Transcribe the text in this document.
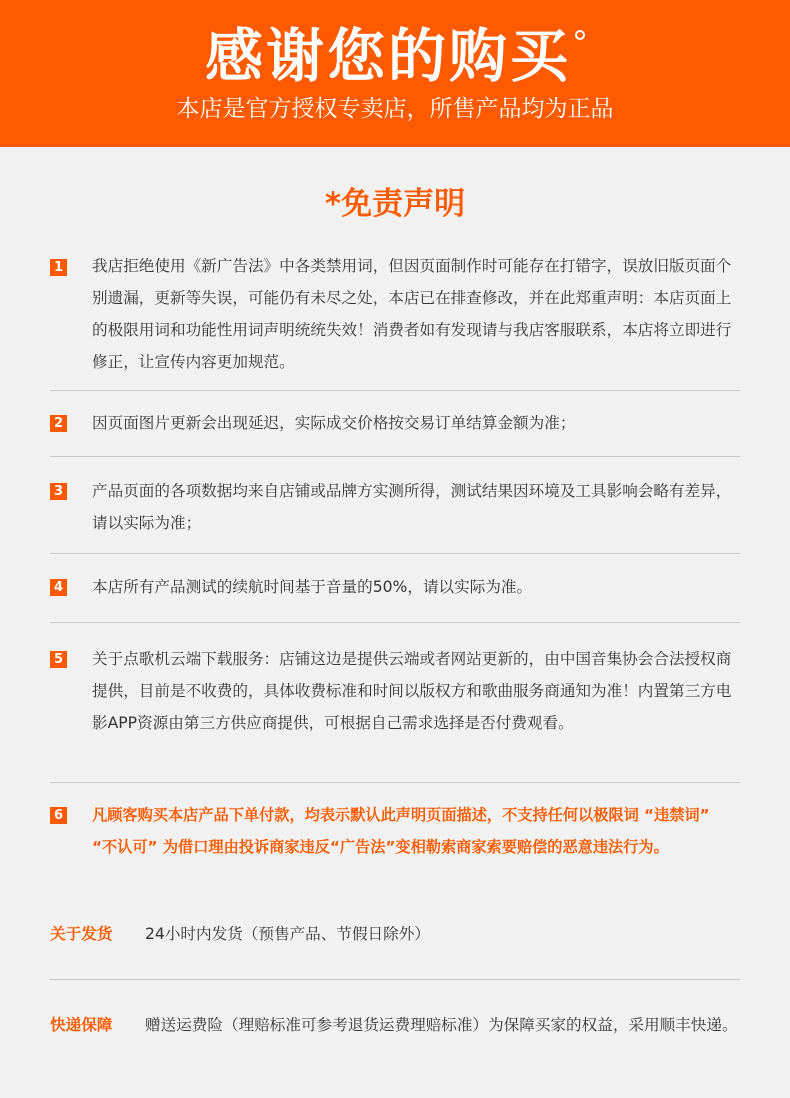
感谢您的购买
本店是官方授权专卖店，所售产品均为正品
*免责声明
1 我店拒绝使用《新广告法》中各类禁用词，但因页面制作时可能存在打错字，误放旧版页面个别遗漏，更新等失误，可能仍有未尽之处，本店已在排查修改，并在此郑重声明：本店页面上的极限用词和功能性用词声明统统失效！消费者如有发现请与我店客服联系，本店将立即进行修正，让宣传内容更加规范。
2 因页面图片更新会出现延迟，实际成交价格按交易订单结算金额为准；
3 产品页面的各项数据均来自店铺或品牌方实测所得，测试结果因环境及工具影响会略有差异，请以实际为准；
4 本店所有产品测试的续航时间基于音量的50%，请以实际为准。
5 关于点歌机云端下载服务：店铺这边是提供云端或者网站更新的，由中国音集协会合法授权商提供，目前是不收费的，具体收费标准和时间以版权方和歌曲服务商通知为准！内置第三方电影APP资源由第三方供应商提供，可根据自己需求选择是否付费观看。
6 凡顾客购买本店产品下单付款，均表示默认此声明页面描述，不支持任何以极限词 “违禁词” “不认可” 为借口理由投诉商家违反“广告法”变相勒索商家索要赔偿的恶意违法行为。
关于发货 24小时内发货（预售产品、节假日除外）
快递保障 赠送运费险（理赔标准可参考退货运费理赔标准）为保障买家的权益，采用顺丰快递。
